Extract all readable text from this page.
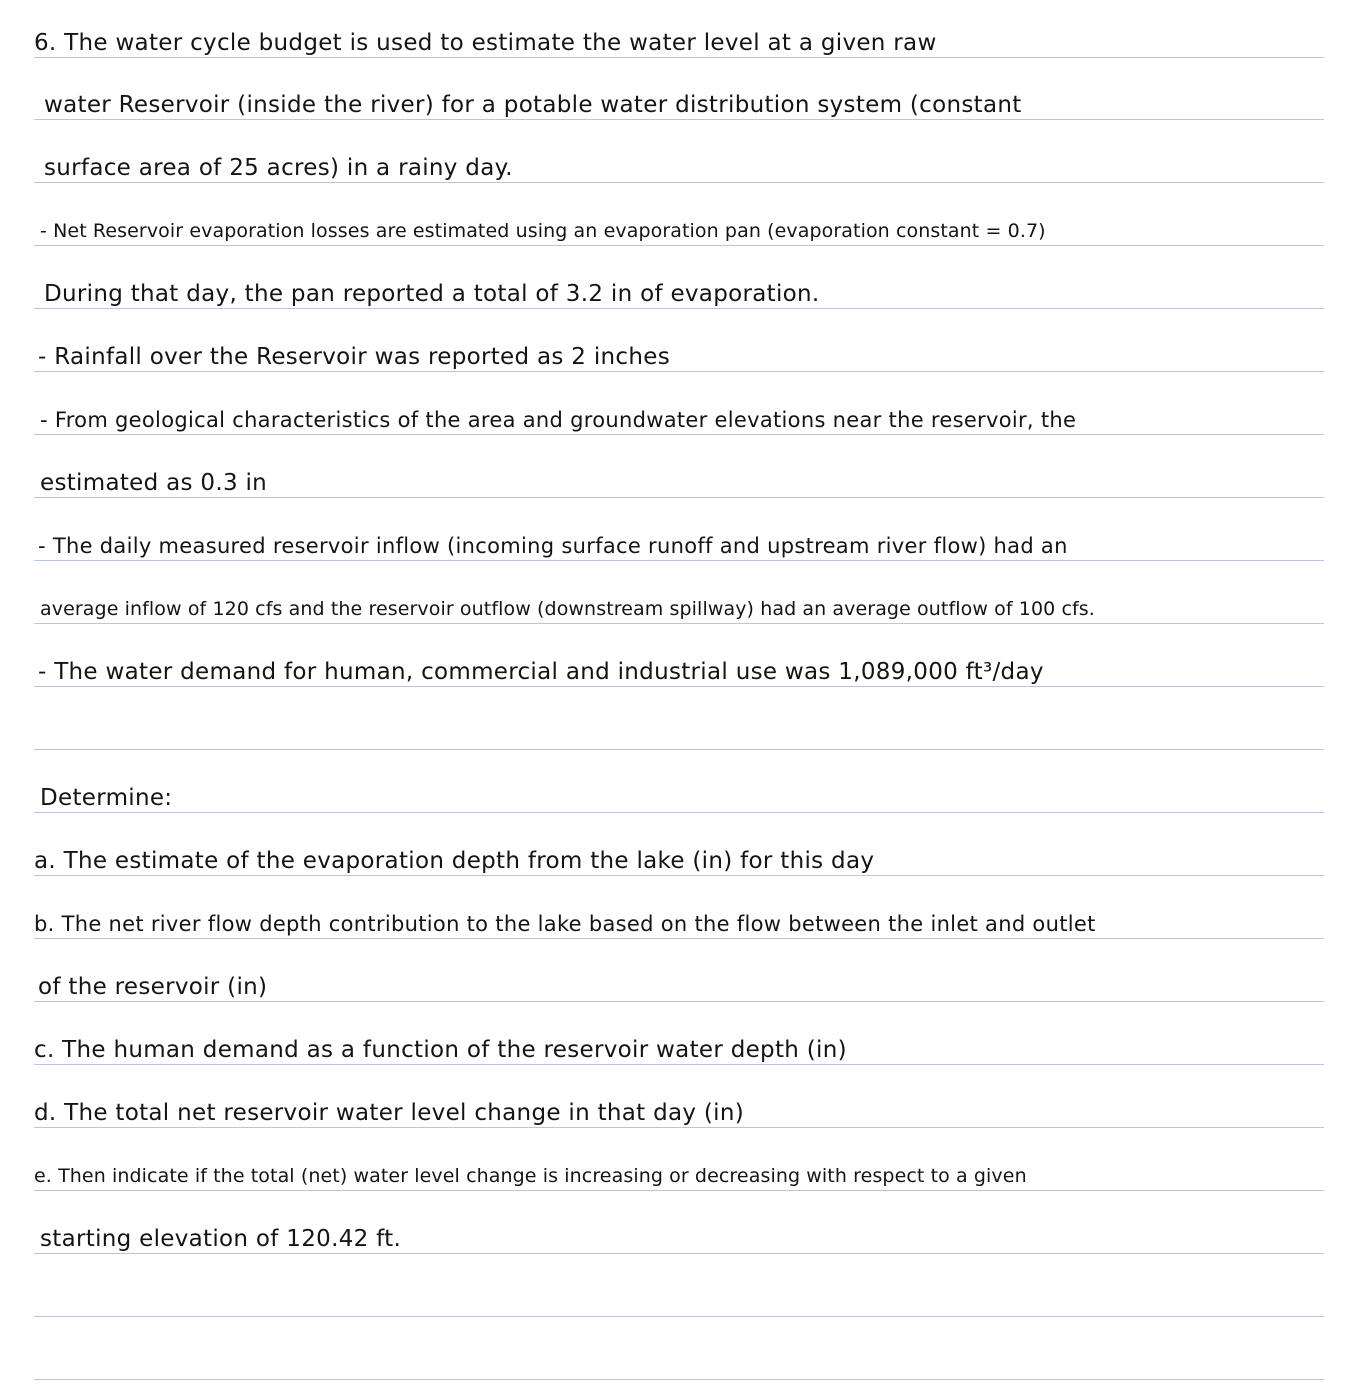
6. The water cycle budget is used to estimate the water level at a given raw
water Reservoir (inside the river) for a potable water distribution system (constant
surface area of 25 acres) in a rainy day.
- Net Reservoir evaporation losses are estimated using an evaporation pan (evaporation constant = 0.7)
During that day, the pan reported a total of 3.2 in of evaporation.
- Rainfall over the Reservoir was reported as 2 inches
- From geological characteristics of the area and groundwater elevations near the reservoir, the
estimated as 0.3 in
- The daily measured reservoir inflow (incoming surface runoff and upstream river flow) had an
average inflow of 120 cfs and the reservoir outflow (downstream spillway) had an average outflow of 100 cfs.
- The water demand for human, commercial and industrial use was 1,089,000 ft³/day
Determine:
a. The estimate of the evaporation depth from the lake (in) for this day
b. The net river flow depth contribution to the lake based on the flow between the inlet and outlet
of the reservoir (in)
c. The human demand as a function of the reservoir water depth (in)
d. The total net reservoir water level change in that day (in)
e. Then indicate if the total (net) water level change is increasing or decreasing with respect to a given
starting elevation of 120.42 ft.
